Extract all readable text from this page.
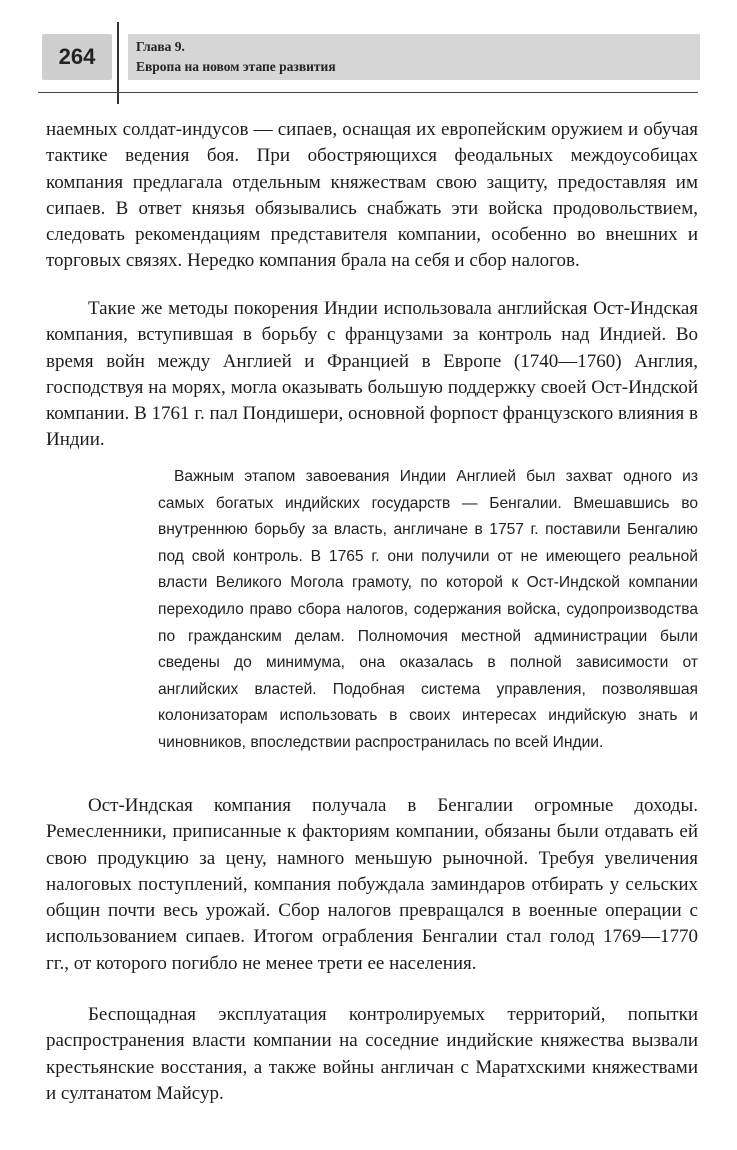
264	Глава 9.
Европа на новом этапе развития

наемных солдат-индусов — сипаев, оснащая их европейским оружием и обучая тактике ведения боя. При обостряющихся феодальных междоусобицах компания предлагала отдельным княжествам свою защиту, предоставляя им сипаев. В ответ князья обязывались снабжать эти войска продовольствием, следовать рекомендациям представителя компании, особенно во внешних и торговых связях. Нередко компания брала на себя и сбор налогов.

Такие же методы покорения Индии использовала английская Ост-Индская компания, вступившая в борьбу с французами за контроль над Индией. Во время войн между Англией и Францией в Европе (1740—1760) Англия, господствуя на морях, могла оказывать большую поддержку своей Ост-Индской компании. В 1761 г. пал Пондишери, основной форпост французского влияния в Индии.

Важным этапом завоевания Индии Англией был захват одного из самых богатых индийских государств — Бенгалии. Вмешавшись во внутреннюю борьбу за власть, англичане в 1757 г. поставили Бенгалию под свой контроль. В 1765 г. они получили от не имеющего реальной власти Великого Могола грамоту, по которой к Ост-Индской компании переходило право сбора налогов, содержания войска, судопроизводства по гражданским делам. Полномочия местной администрации были сведены до минимума, она оказалась в полной зависимости от английских властей. Подобная система управления, позволявшая колонизаторам использовать в своих интересах индийскую знать и чиновников, впоследствии распространилась по всей Индии.

Ост-Индская компания получала в Бенгалии огромные доходы. Ремесленники, приписанные к факториям компании, обязаны были отдавать ей свою продукцию за цену, намного меньшую рыночной. Требуя увеличения налоговых поступлений, компания побуждала заминдаров отбирать у сельских общин почти весь урожай. Сбор налогов превращался в военные операции с использованием сипаев. Итогом ограбления Бенгалии стал голод 1769—1770 гг., от которого погибло не менее трети ее населения.

Беспощадная эксплуатация контролируемых территорий, попытки распространения власти компании на соседние индийские княжества вызвали крестьянские восстания, а также войны англичан с Маратхскими княжествами и султанатом Майсур.
